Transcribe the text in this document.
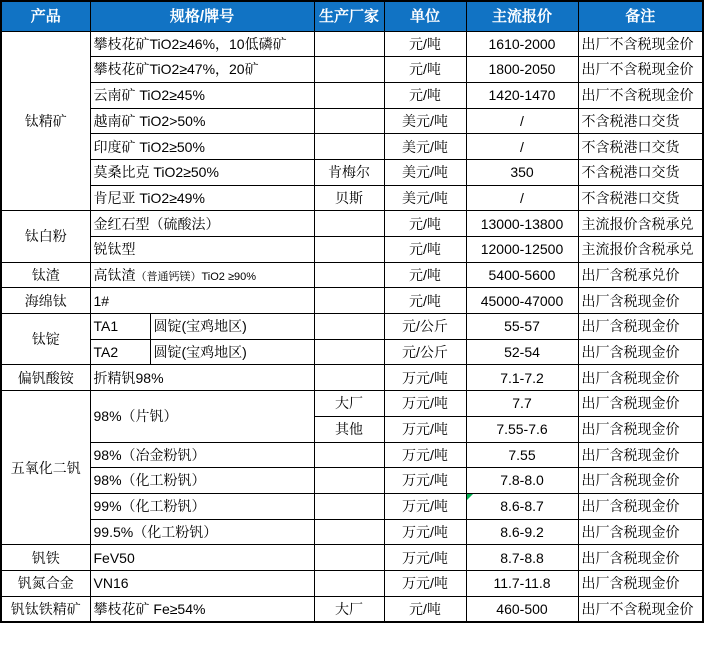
产品	规格/牌号		生产厂家	单位	主流报价	备注
钛精矿	攀枝花矿TiO2≥46%，10低磷矿			元/吨	1610-2000	出厂不含税现金价
	攀枝花矿TiO2≥47%，20矿			元/吨	1800-2050	出厂不含税现金价
	云南矿 TiO2≥45%			元/吨	1420-1470	出厂不含税现金价
	越南矿 TiO2>50%			美元/吨	/	不含税港口交货
	印度矿 TiO2≥50%			美元/吨	/	不含税港口交货
	莫桑比克 TiO2≥50%		肯梅尔	美元/吨	350	不含税港口交货
	肯尼亚 TiO2≥49%		贝斯	美元/吨	/	不含税港口交货
钛白粉	金红石型（硫酸法）			元/吨	13000-13800	主流报价含税承兑
	锐钛型			元/吨	12000-12500	主流报价含税承兑
钛渣	高钛渣（普通钙镁）TiO2 ≥90%			元/吨	5400-5600	出厂含税承兑价
海绵钛	1#			元/吨	45000-47000	出厂含税现金价
钛锭	TA1	圆锭(宝鸡地区)		元/公斤	55-57	出厂含税现金价
	TA2	圆锭(宝鸡地区)		元/公斤	52-54	出厂含税现金价
偏钒酸铵	折精钒98%			万元/吨	7.1-7.2	出厂含税现金价
五氧化二钒	98%（片钒）		大厂	万元/吨	7.7	出厂含税现金价
			其他	万元/吨	7.55-7.6	出厂含税现金价
	98%（冶金粉钒）			万元/吨	7.55	出厂含税现金价
	98%（化工粉钒）			万元/吨	7.8-8.0	出厂含税现金价
	99%（化工粉钒）			万元/吨	8.6-8.7	出厂含税现金价
	99.5%（化工粉钒）			万元/吨	8.6-9.2	出厂含税现金价
钒铁	FeV50			万元/吨	8.7-8.8	出厂含税现金价
钒氮合金	VN16			万元/吨	11.7-11.8	出厂含税现金价
钒钛铁精矿	攀枝花矿 Fe≥54%		大厂	元/吨	460-500	出厂不含税现金价
